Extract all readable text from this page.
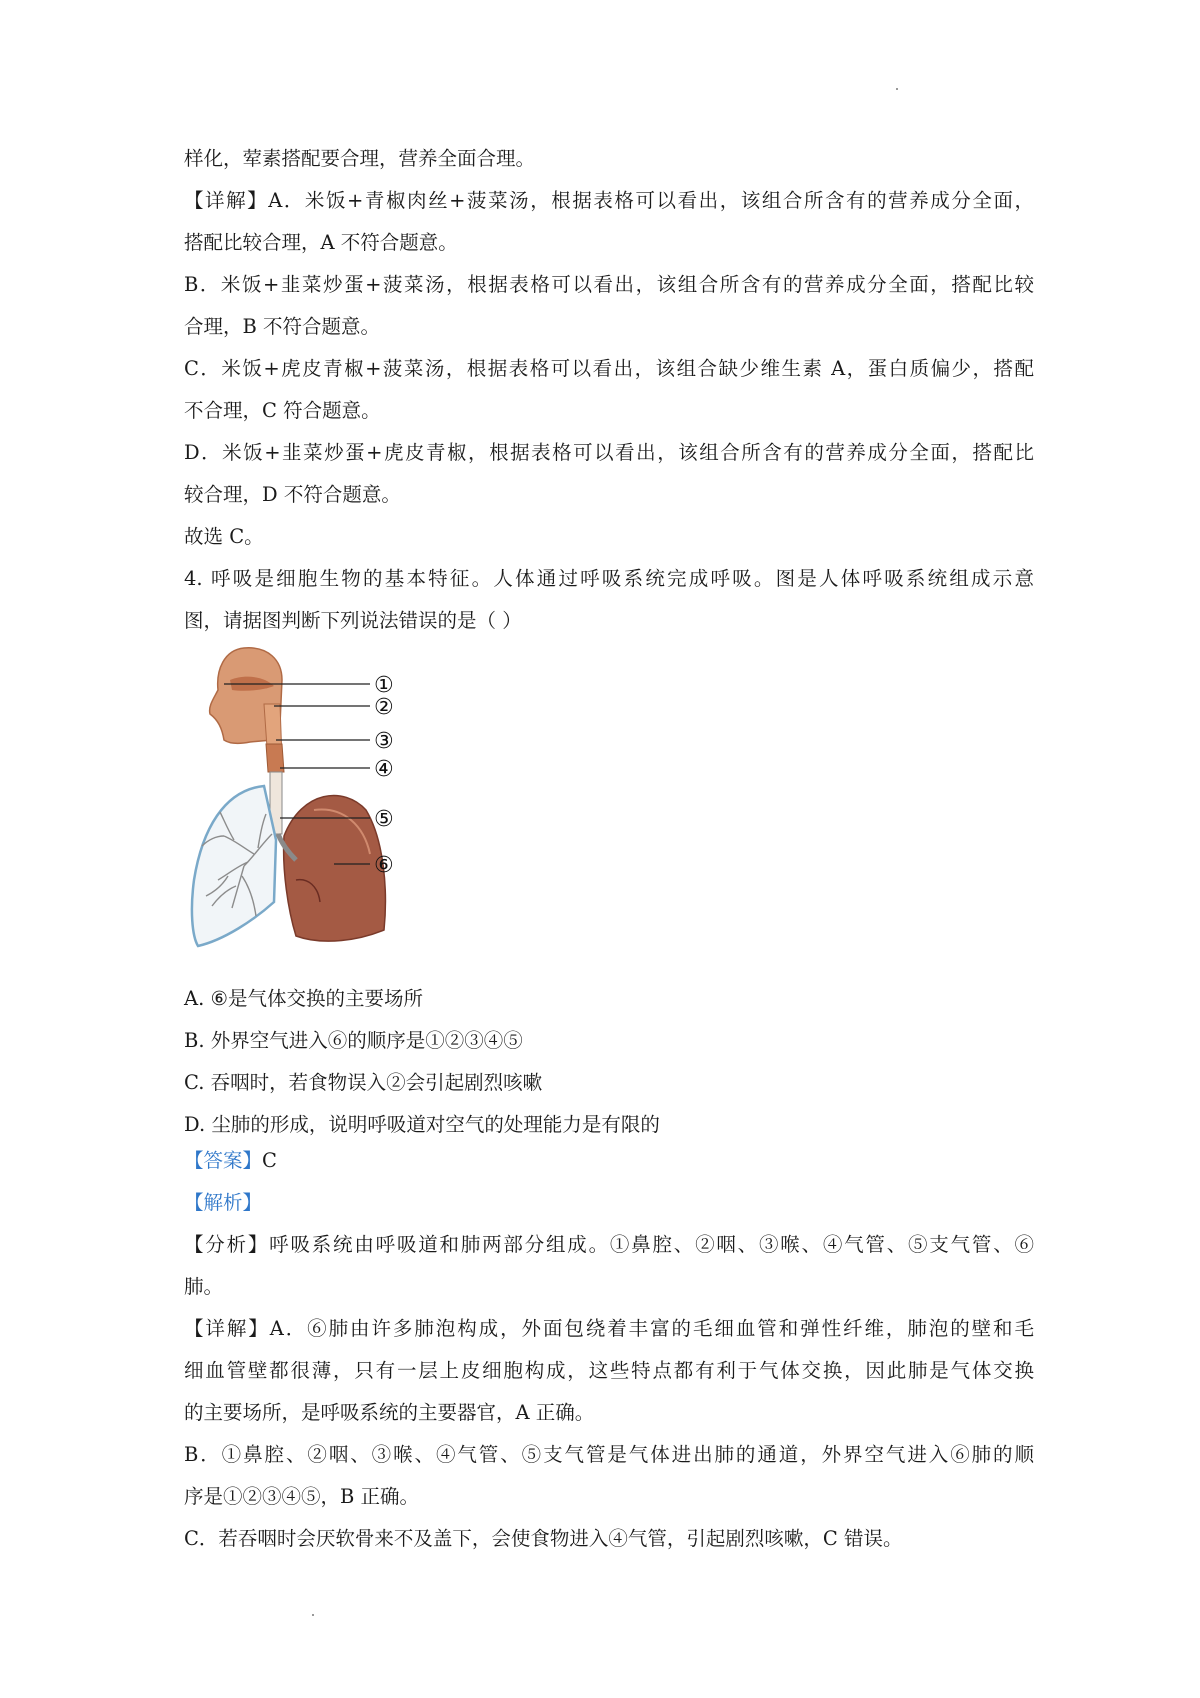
样化，荤素搭配要合理，营养全面合理。
【详解】A．米饭+青椒肉丝+菠菜汤，根据表格可以看出，该组合所含有的营养成分全面，
搭配比较合理，A 不符合题意。
B．米饭+韭菜炒蛋+菠菜汤，根据表格可以看出，该组合所含有的营养成分全面，搭配比较
合理，B 不符合题意。
C．米饭+虎皮青椒+菠菜汤，根据表格可以看出，该组合缺少维生素 A，蛋白质偏少，搭配
不合理，C 符合题意。
D．米饭+韭菜炒蛋+虎皮青椒，根据表格可以看出，该组合所含有的营养成分全面，搭配比
较合理，D 不符合题意。
故选 C。
4. 呼吸是细胞生物的基本特征。人体通过呼吸系统完成呼吸。图是人体呼吸系统组成示意
图，请据图判断下列说法错误的是（ ）
①
②
③
④
⑤
⑥
A. ⑥是气体交换的主要场所
B. 外界空气进入⑥的顺序是①②③④⑤
C. 吞咽时，若食物误入②会引起剧烈咳嗽
D. 尘肺的形成，说明呼吸道对空气的处理能力是有限的
【答案】C
【解析】
【分析】呼吸系统由呼吸道和肺两部分组成。①鼻腔、②咽、③喉、④气管、⑤支气管、⑥
肺。
【详解】A．⑥肺由许多肺泡构成，外面包绕着丰富的毛细血管和弹性纤维，肺泡的壁和毛
细血管壁都很薄，只有一层上皮细胞构成，这些特点都有利于气体交换，因此肺是气体交换
的主要场所，是呼吸系统的主要器官，A 正确。
B．①鼻腔、②咽、③喉、④气管、⑤支气管是气体进出肺的通道，外界空气进入⑥肺的顺
序是①②③④⑤，B 正确。
C．若吞咽时会厌软骨来不及盖下，会使食物进入④气管，引起剧烈咳嗽，C 错误。
